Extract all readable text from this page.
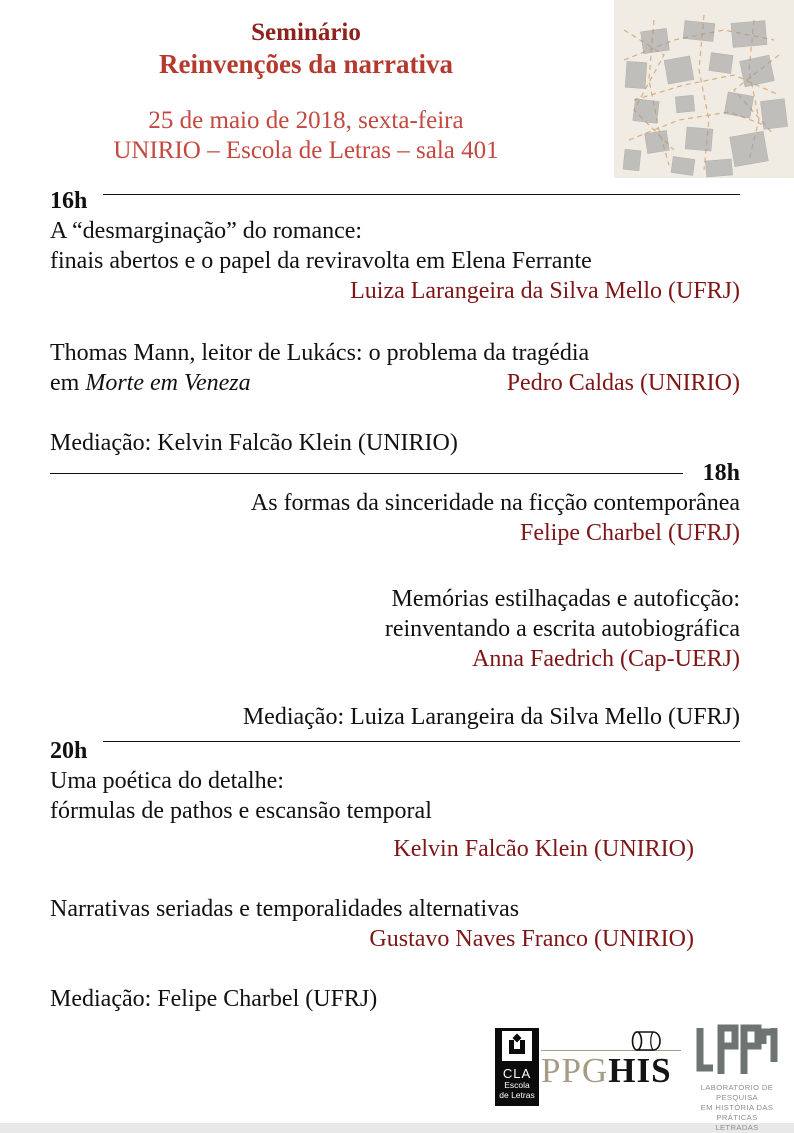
Seminário

Reinvenções da narrativa

25 de maio de 2018, sexta-feira

UNIRIO – Escola de Letras – sala 401

16h

A “desmarginação” do romance:

finais abertos e o papel da reviravolta em Elena Ferrante

Luiza Larangeira da Silva Mello (UFRJ)

Thomas Mann, leitor de Lukács: o problema da tragédia

em Morte em Veneza	Pedro Caldas (UNIRIO)

Mediação: Kelvin Falcão Klein (UNIRIO)

18h

As formas da sinceridade na ficção contemporânea

Felipe Charbel (UFRJ)

Memórias estilhaçadas e autoficção:

reinventando a escrita autobiográfica

Anna Faedrich (Cap-UERJ)

Mediação: Luiza Larangeira da Silva Mello (UFRJ)

20h

Uma poética do detalhe:

fórmulas de pathos e escansão temporal

Kelvin Falcão Klein (UNIRIO)

Narrativas seriadas e temporalidades alternativas

Gustavo Naves Franco (UNIRIO)

Mediação: Felipe Charbel (UFRJ)

CLA
Escola
de Letras
PPGHIS	LABORATÓRIO DE PESQUISA
EM HISTÓRIA DAS PRÁTICAS
LETRADAS
